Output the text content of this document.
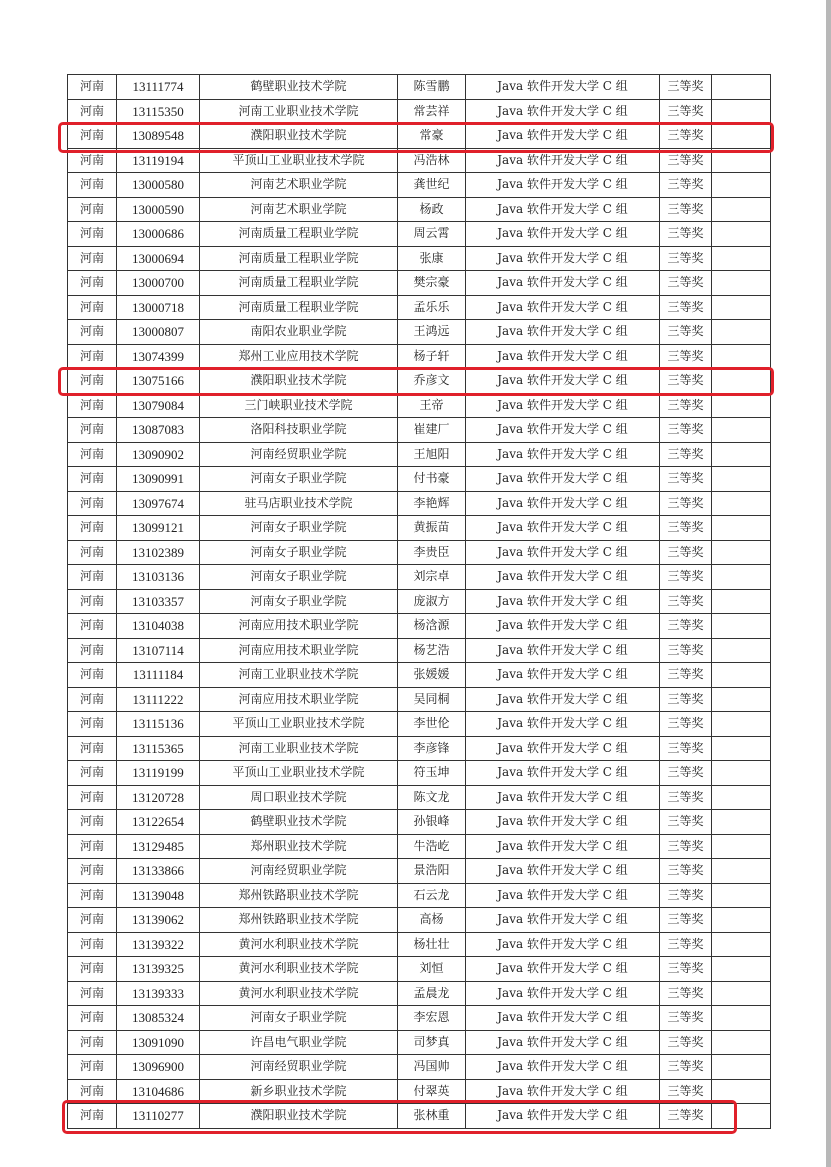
河南	13111774	鹤壁职业技术学院	陈雪鹏	Java 软件开发大学 C 组	三等奖	
河南	13115350	河南工业职业技术学院	常芸祥	Java 软件开发大学 C 组	三等奖	
河南	13089548	濮阳职业技术学院	常豪	Java 软件开发大学 C 组	三等奖	
河南	13119194	平顶山工业职业技术学院	冯浩林	Java 软件开发大学 C 组	三等奖	
河南	13000580	河南艺术职业学院	龚世纪	Java 软件开发大学 C 组	三等奖	
河南	13000590	河南艺术职业学院	杨政	Java 软件开发大学 C 组	三等奖	
河南	13000686	河南质量工程职业学院	周云霄	Java 软件开发大学 C 组	三等奖	
河南	13000694	河南质量工程职业学院	张康	Java 软件开发大学 C 组	三等奖	
河南	13000700	河南质量工程职业学院	樊宗豪	Java 软件开发大学 C 组	三等奖	
河南	13000718	河南质量工程职业学院	孟乐乐	Java 软件开发大学 C 组	三等奖	
河南	13000807	南阳农业职业学院	王鸿远	Java 软件开发大学 C 组	三等奖	
河南	13074399	郑州工业应用技术学院	杨子轩	Java 软件开发大学 C 组	三等奖	
河南	13075166	濮阳职业技术学院	乔彦文	Java 软件开发大学 C 组	三等奖	
河南	13079084	三门峡职业技术学院	王帝	Java 软件开发大学 C 组	三等奖	
河南	13087083	洛阳科技职业学院	崔建厂	Java 软件开发大学 C 组	三等奖	
河南	13090902	河南经贸职业学院	王旭阳	Java 软件开发大学 C 组	三等奖	
河南	13090991	河南女子职业学院	付书豪	Java 软件开发大学 C 组	三等奖	
河南	13097674	驻马店职业技术学院	李艳辉	Java 软件开发大学 C 组	三等奖	
河南	13099121	河南女子职业学院	黄振苗	Java 软件开发大学 C 组	三等奖	
河南	13102389	河南女子职业学院	李贵臣	Java 软件开发大学 C 组	三等奖	
河南	13103136	河南女子职业学院	刘宗卓	Java 软件开发大学 C 组	三等奖	
河南	13103357	河南女子职业学院	庞淑方	Java 软件开发大学 C 组	三等奖	
河南	13104038	河南应用技术职业学院	杨浛源	Java 软件开发大学 C 组	三等奖	
河南	13107114	河南应用技术职业学院	杨艺浩	Java 软件开发大学 C 组	三等奖	
河南	13111184	河南工业职业技术学院	张媛媛	Java 软件开发大学 C 组	三等奖	
河南	13111222	河南应用技术职业学院	吴同桐	Java 软件开发大学 C 组	三等奖	
河南	13115136	平顶山工业职业技术学院	李世伦	Java 软件开发大学 C 组	三等奖	
河南	13115365	河南工业职业技术学院	李彦锋	Java 软件开发大学 C 组	三等奖	
河南	13119199	平顶山工业职业技术学院	符玉坤	Java 软件开发大学 C 组	三等奖	
河南	13120728	周口职业技术学院	陈文龙	Java 软件开发大学 C 组	三等奖	
河南	13122654	鹤壁职业技术学院	孙银峰	Java 软件开发大学 C 组	三等奖	
河南	13129485	郑州职业技术学院	牛浩屹	Java 软件开发大学 C 组	三等奖	
河南	13133866	河南经贸职业学院	景浩阳	Java 软件开发大学 C 组	三等奖	
河南	13139048	郑州铁路职业技术学院	石云龙	Java 软件开发大学 C 组	三等奖	
河南	13139062	郑州铁路职业技术学院	高杨	Java 软件开发大学 C 组	三等奖	
河南	13139322	黄河水利职业技术学院	杨壮壮	Java 软件开发大学 C 组	三等奖	
河南	13139325	黄河水利职业技术学院	刘恒	Java 软件开发大学 C 组	三等奖	
河南	13139333	黄河水利职业技术学院	孟晨龙	Java 软件开发大学 C 组	三等奖	
河南	13085324	河南女子职业学院	李宏恩	Java 软件开发大学 C 组	三等奖	
河南	13091090	许昌电气职业学院	司梦真	Java 软件开发大学 C 组	三等奖	
河南	13096900	河南经贸职业学院	冯国帅	Java 软件开发大学 C 组	三等奖	
河南	13104686	新乡职业技术学院	付翠英	Java 软件开发大学 C 组	三等奖	
河南	13110277	濮阳职业技术学院	张林重	Java 软件开发大学 C 组	三等奖	
